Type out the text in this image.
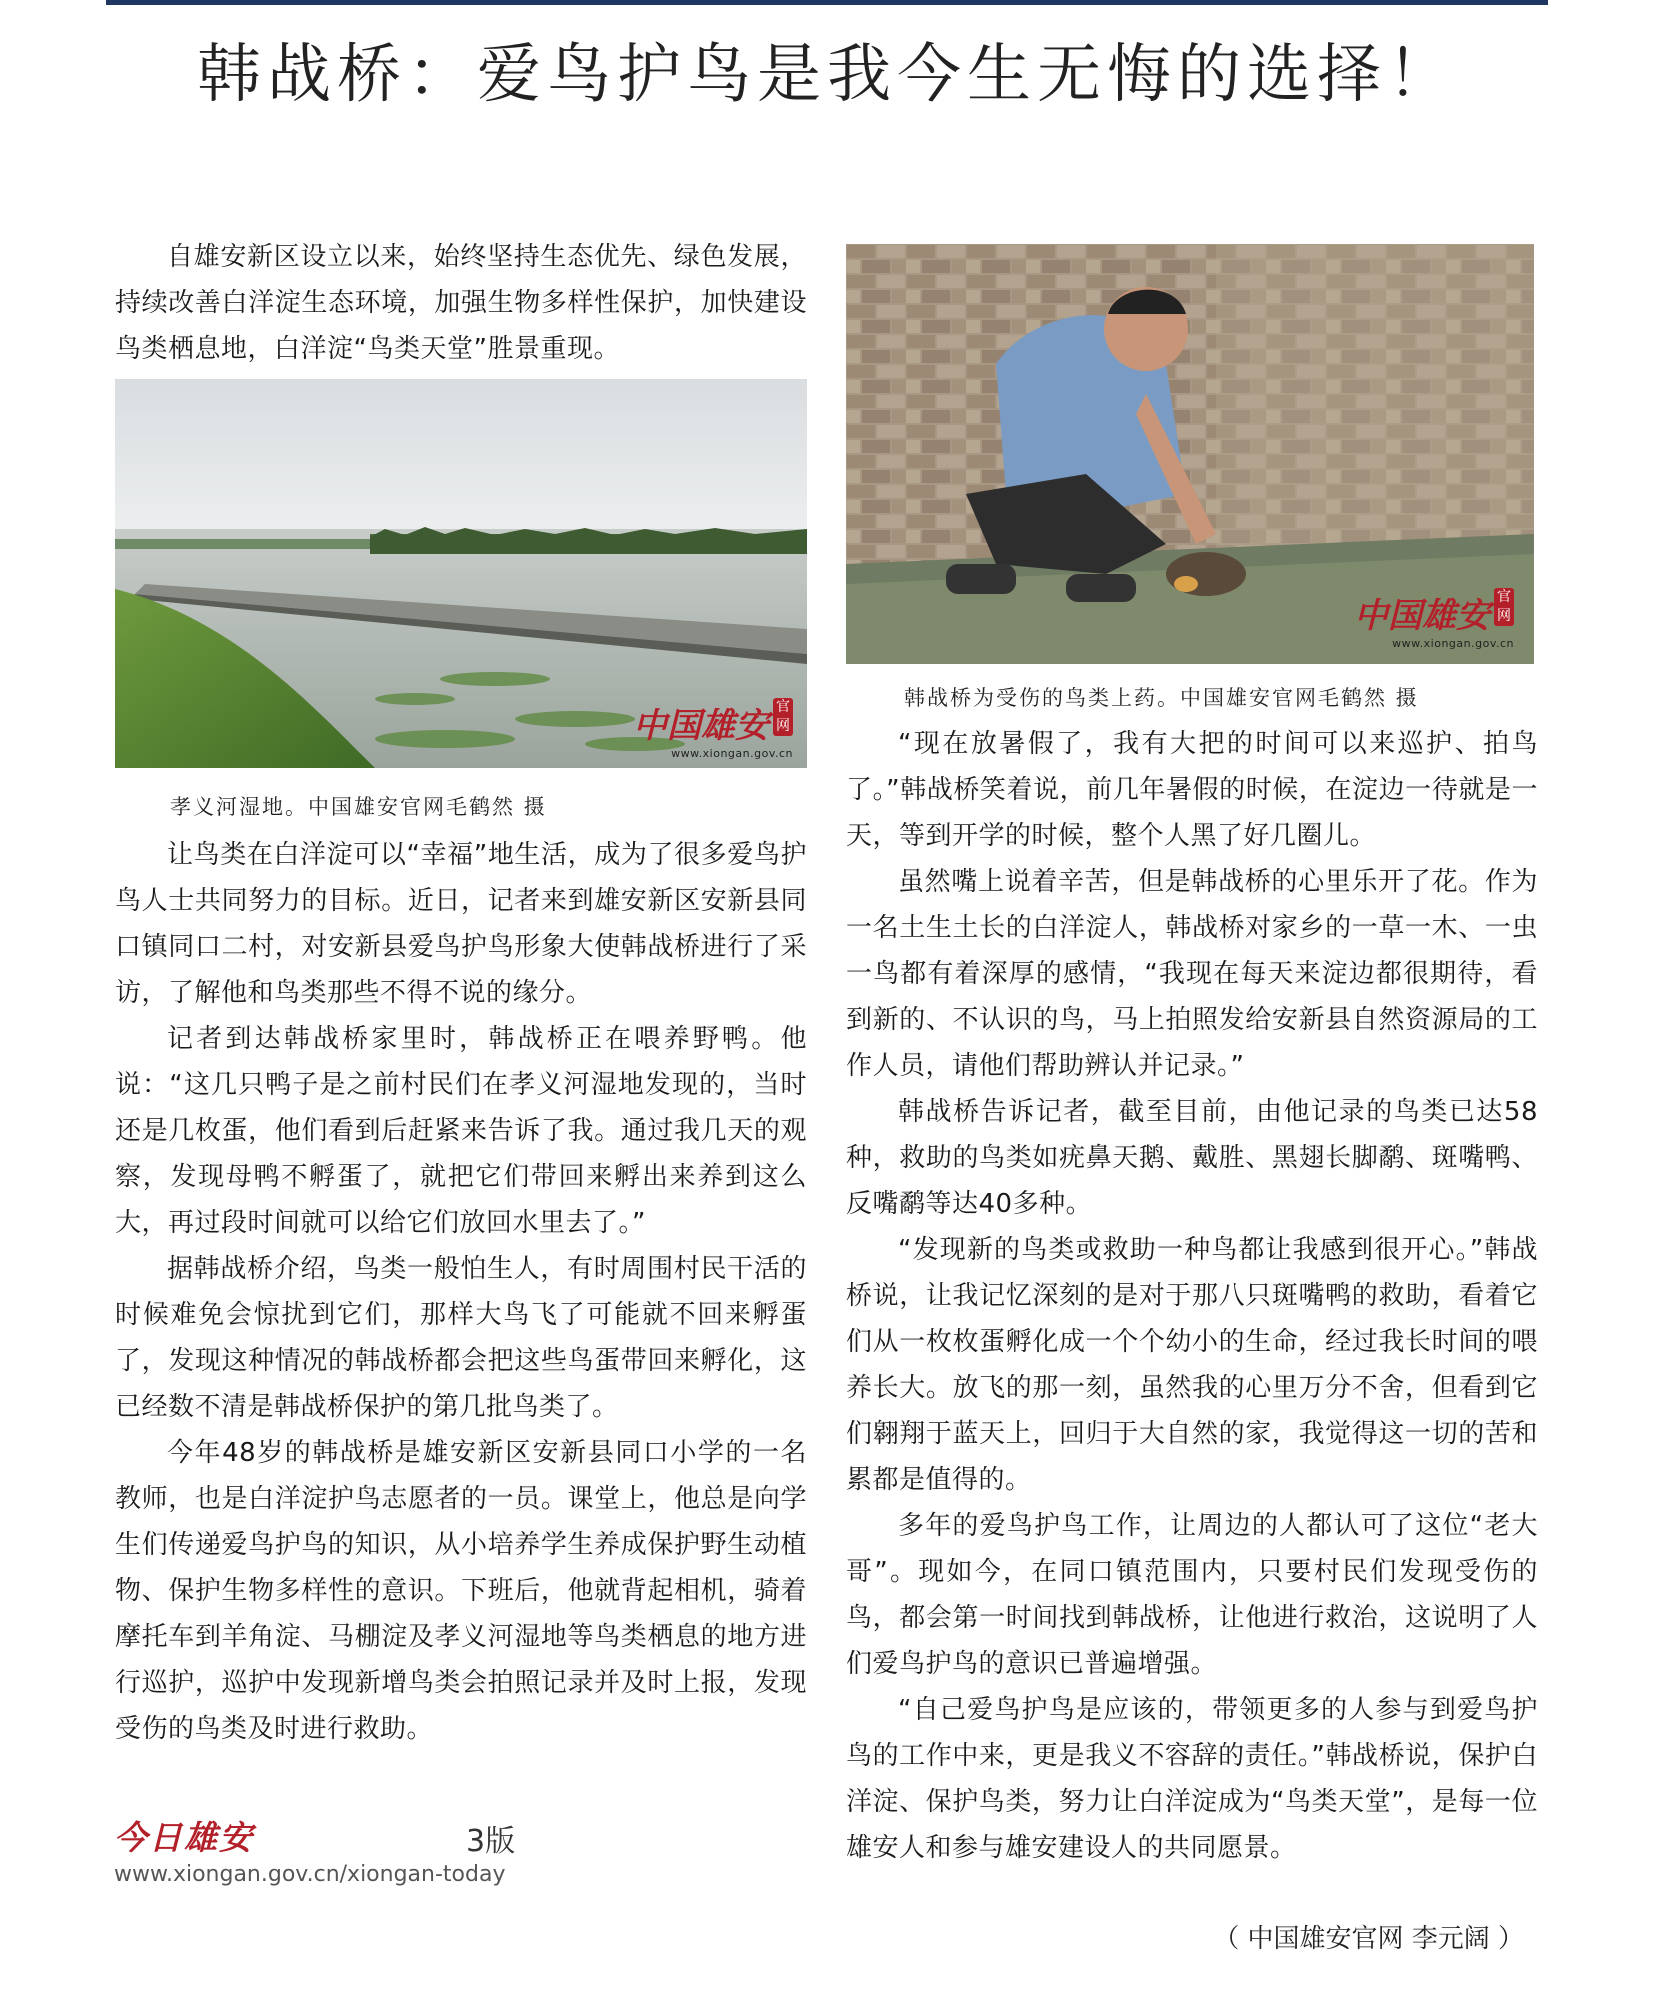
韩战桥：爱鸟护鸟是我今生无悔的选择！

自雄安新区设立以来，始终坚持生态优先、绿色发展，持续改善白洋淀生态环境，加强生物多样性保护，加快建设鸟类栖息地，白洋淀“鸟类天堂”胜景重现。

中国雄安 官网
www.xiongan.gov.cn
孝义河湿地。中国雄安官网毛鹤然 摄
中国雄安 官网
www.xiongan.gov.cn
韩战桥为受伤的鸟类上药。中国雄安官网毛鹤然 摄

让鸟类在白洋淀可以“幸福”地生活，成为了很多爱鸟护鸟人士共同努力的目标。近日，记者来到雄安新区安新县同口镇同口二村，对安新县爱鸟护鸟形象大使韩战桥进行了采访，了解他和鸟类那些不得不说的缘分。

记者到达韩战桥家里时，韩战桥正在喂养野鸭。他说：“这几只鸭子是之前村民们在孝义河湿地发现的，当时还是几枚蛋，他们看到后赶紧来告诉了我。通过我几天的观察，发现母鸭不孵蛋了，就把它们带回来孵出来养到这么大，再过段时间就可以给它们放回水里去了。”

据韩战桥介绍，鸟类一般怕生人，有时周围村民干活的时候难免会惊扰到它们，那样大鸟飞了可能就不回来孵蛋了，发现这种情况的韩战桥都会把这些鸟蛋带回来孵化，这已经数不清是韩战桥保护的第几批鸟类了。

今年48岁的韩战桥是雄安新区安新县同口小学的一名教师，也是白洋淀护鸟志愿者的一员。课堂上，他总是向学生们传递爱鸟护鸟的知识，从小培养学生养成保护野生动植物、保护生物多样性的意识。下班后，他就背起相机，骑着摩托车到羊角淀、马棚淀及孝义河湿地等鸟类栖息的地方进行巡护，巡护中发现新增鸟类会拍照记录并及时上报，发现受伤的鸟类及时进行救助。

“现在放暑假了，我有大把的时间可以来巡护、拍鸟了。”韩战桥笑着说，前几年暑假的时候，在淀边一待就是一天，等到开学的时候，整个人黑了好几圈儿。

虽然嘴上说着辛苦，但是韩战桥的心里乐开了花。作为一名土生土长的白洋淀人，韩战桥对家乡的一草一木、一虫一鸟都有着深厚的感情，“我现在每天来淀边都很期待，看到新的、不认识的鸟，马上拍照发给安新县自然资源局的工作人员，请他们帮助辨认并记录。”

韩战桥告诉记者，截至目前，由他记录的鸟类已达58种，救助的鸟类如疣鼻天鹅、戴胜、黑翅长脚鹬、斑嘴鸭、反嘴鹬等达40多种。

“发现新的鸟类或救助一种鸟都让我感到很开心。”韩战桥说，让我记忆深刻的是对于那八只斑嘴鸭的救助，看着它们从一枚枚蛋孵化成一个个幼小的生命，经过我长时间的喂养长大。放飞的那一刻，虽然我的心里万分不舍，但看到它们翱翔于蓝天上，回归于大自然的家，我觉得这一切的苦和累都是值得的。

多年的爱鸟护鸟工作，让周边的人都认可了这位“老大哥”。现如今，在同口镇范围内，只要村民们发现受伤的鸟，都会第一时间找到韩战桥，让他进行救治，这说明了人们爱鸟护鸟的意识已普遍增强。

“自己爱鸟护鸟是应该的，带领更多的人参与到爱鸟护鸟的工作中来，更是我义不容辞的责任。”韩战桥说，保护白洋淀、保护鸟类，努力让白洋淀成为“鸟类天堂”，是每一位雄安人和参与雄安建设人的共同愿景。

（ 中国雄安官网 李元阔 ）
今日雄安	3版
www.xiongan.gov.cn/xiongan-today
